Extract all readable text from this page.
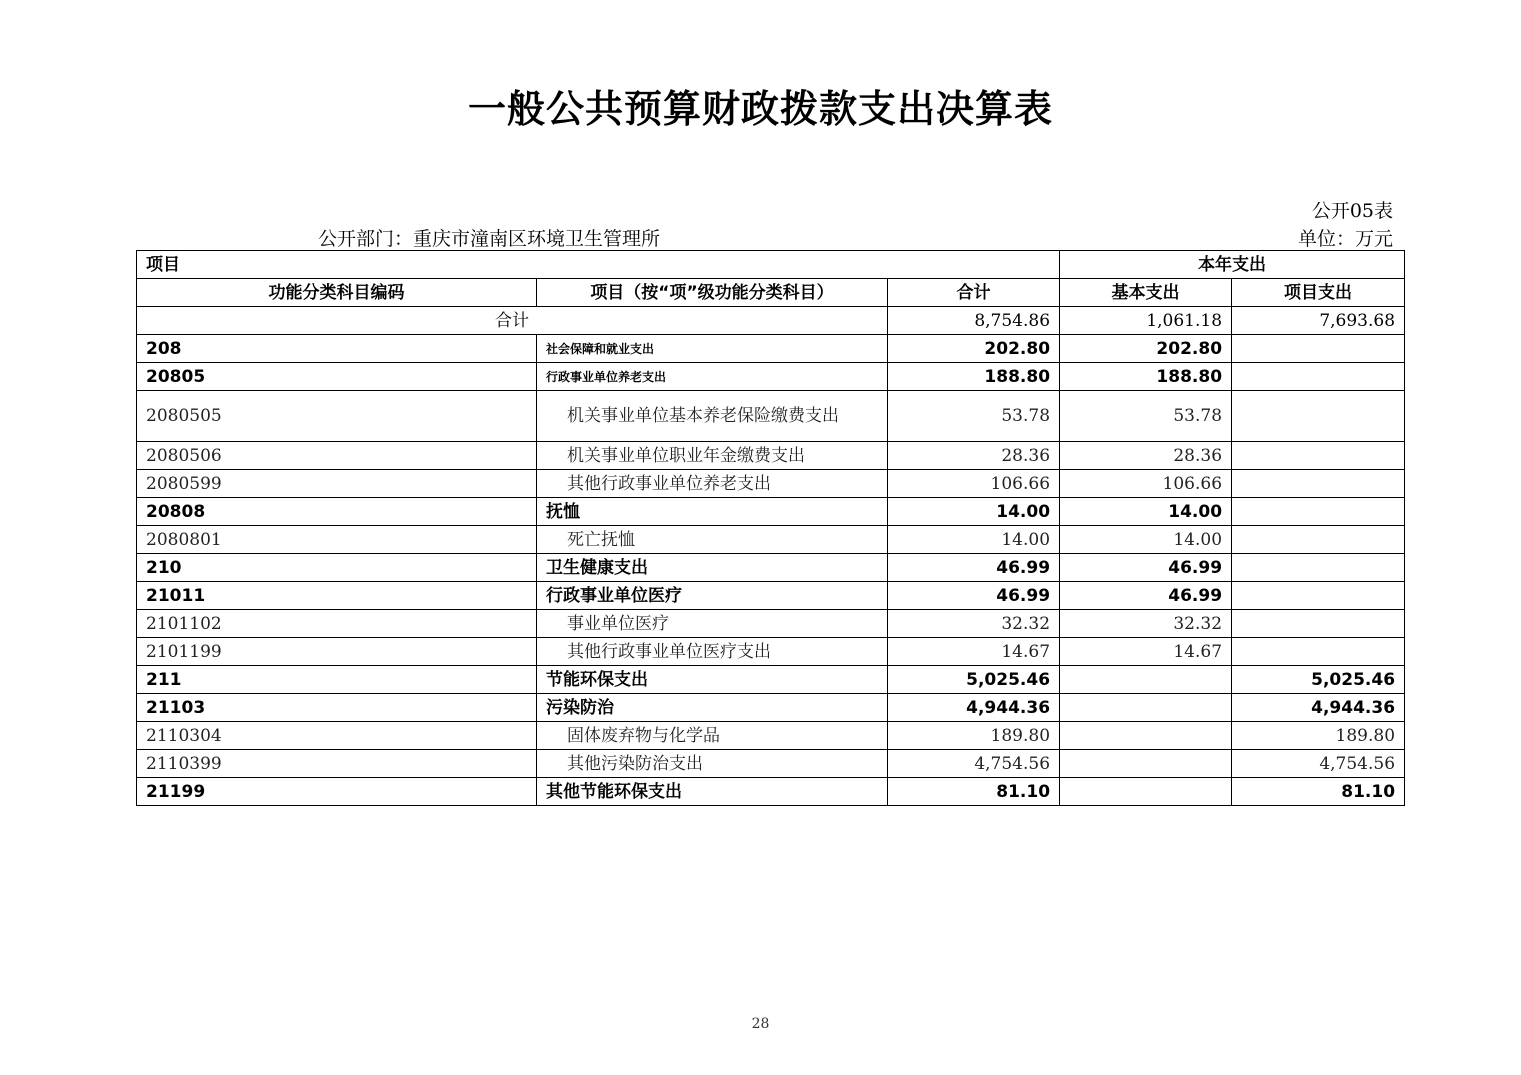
一般公共预算财政拨款支出决算表
公开05表
公开部门：重庆市潼南区环境卫生管理所	单位：万元
项目			本年支出	
功能分类科目编码	项目（按“项”级功能分类科目）	合计	基本支出	项目支出
合计		8,754.86	1,061.18	7,693.68
208	社会保障和就业支出	202.80	202.80	
20805	行政事业单位养老支出	188.80	188.80	
2080505	机关事业单位基本养老保险缴费支出	53.78	53.78	
2080506	机关事业单位职业年金缴费支出	28.36	28.36	
2080599	其他行政事业单位养老支出	106.66	106.66	
20808	抚恤	14.00	14.00	
2080801	死亡抚恤	14.00	14.00	
210	卫生健康支出	46.99	46.99	
21011	行政事业单位医疗	46.99	46.99	
2101102	事业单位医疗	32.32	32.32	
2101199	其他行政事业单位医疗支出	14.67	14.67	
211	节能环保支出	5,025.46		5,025.46
21103	污染防治	4,944.36		4,944.36
2110304	固体废弃物与化学品	189.80		189.80
2110399	其他污染防治支出	4,754.56		4,754.56
21199	其他节能环保支出	81.10		81.10
28
